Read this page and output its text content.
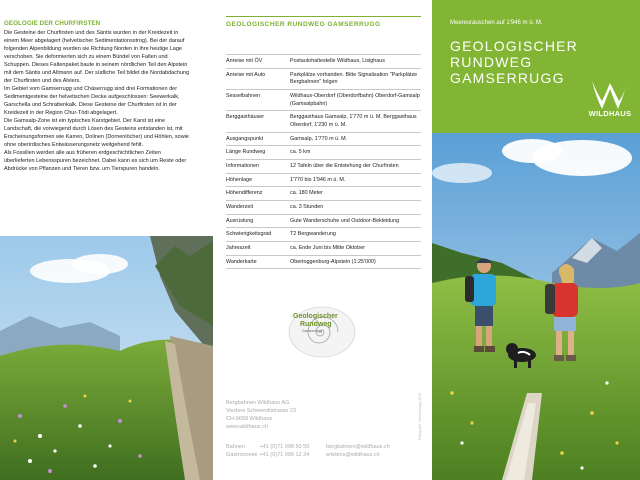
GEOLOGIE DER CHURFIRSTEN

Die Gesteine der Churfirsten und des Säntis wurden in der Kreidezeit in einem Meer abgelagert (helvetischer Sedimentationsstrog). Bei der darauf folgenden Alpenbildung wurden sie Richtung Norden in ihre heutige Lage verschoben. Sie deformierten sich zu einem Bündel von Falten und Schuppen. Dieses Faltenpaket baute in seinem nördlichen Teil den Alpstein mit dem Säntis und Altmann auf. Der südliche Teil bildet die Nordabdachung der Churfirsten und des Alviers.

Im Gebiet vom Gamserrugg und Chäserrugg sind drei Formationen der Sedimentgesteine der helvetischen Decke aufgeschlossen: Seewerkalk, Garschella und Schrattenkalk. Diese Gesteine der Churfirsten ist in der Kreidezeit in der Region Chur-Tödi abgelagert.

Die Gamsalp-Zone ist ein typisches Karstgebiet. Der Karst ist eine Landschaft, die vorwiegend durch Lösen des Gesteins entstanden ist, mit Erscheinungsformen wie Karren, Dolinen (Dornenlöcher) und Höhlen, sowie ohne oberirdisches Entwässerungsnetz weitgehend fehlt.

Als Fossilien werden alle aus früheren erdgeschichtlichen Zeiten überlieferten Lebensspuren bezeichnet. Dabei kann es sich um Reste oder Abdrücke von Pflanzen und Tieren bzw. um Tierspuren handeln.

GEOLOGISCHER RUNDWEG GAMSERRUGG
Anreise mit ÖV	Postautohaltestelle Wildhaus, Lisighaus
Anreise mit Auto	Parkplätze vorhanden. Bitte Signalisation "Parkplätze Bergbahnen" folgen
Sesselbahnen	Wildhaus-Oberdorf (Oberdorfbahn) Oberdorf-Gamsalp (Gamsalpbahn)
Berggasthäuser	Berggasthaus Gamsalp, 1'770 m ü. M. Berggasthaus Oberdorf, 1'230 m ü. M.
Ausgangspunkt	Gamsalp, 1'770 m ü. M.
Länge Rundweg	ca. 5 km
Informationen	12 Tafeln über die Entstehung der Churfirsten
Höhenlage	1'770 bis 1'946 m ü. M.
Höhendifferenz	ca. 180 Meter
Wanderzeit	ca. 3 Stunden
Ausrüstung	Gute Wanderschuhe und Outdoor-Bekleidung
Schwierigkeitsgrad	T2 Bergwanderung
Jahreszeit	ca. Ende Juni bis Mitte Oktober
Wanderkarte	Obertoggenburg-Alpstein (1:25'000)
Geologischer
Rundweg
Gamserrugg
Bergbahnen Wildhaus AG
Vordere Schwendistrasse 23
CH-9658 Wildhaus
www.wildhaus.ch
Bahnen	+41 (0)71 998 50 50	bergbahnen@wildhaus.ch
Gastronomie +41 (0)71 999 12 24	erlebnis@wildhaus.ch
Fotografie: Gamserrugg 2013
Meeresrauschen auf 1'946 m ü. M.
GEOLOGISCHER
RUNDWEG
GAMSERRUGG
WILDHAUS
